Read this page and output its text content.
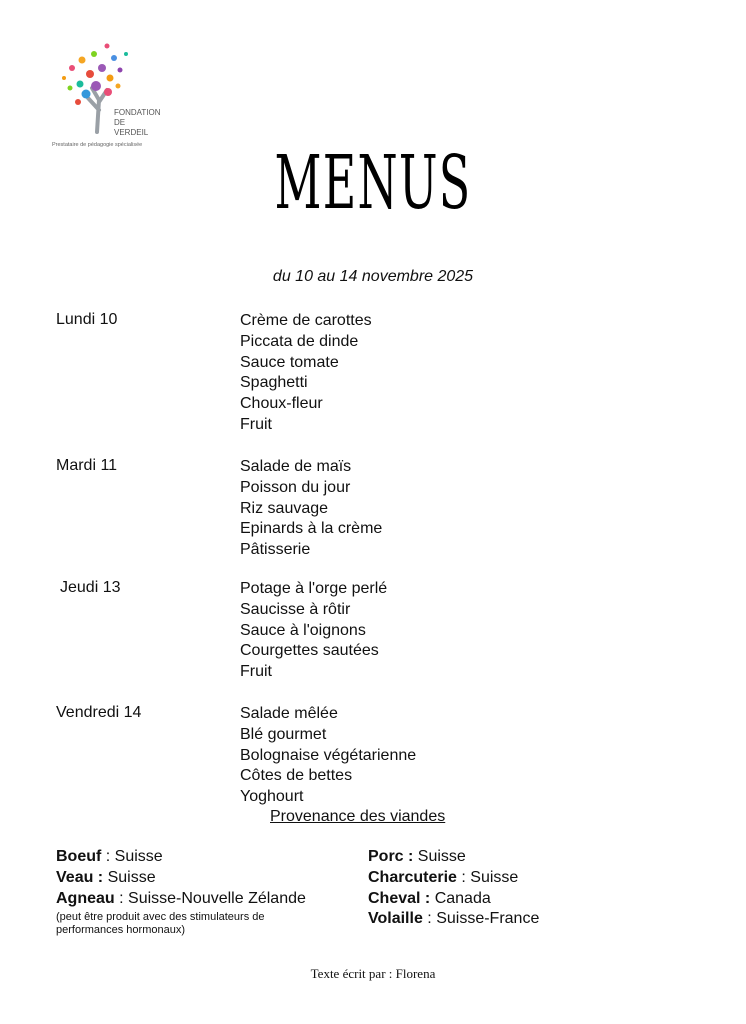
FONDATION
DE
VERDEIL
Prestataire de pédagogie spécialisée	MENUS
du 10 au 14 novembre 2025
Lundi 10	Crème de carottes
Piccata de dinde
Sauce tomate
Spaghetti
Choux-fleur
Fruit
Mardi 11	Salade de maïs
Poisson du jour
Riz sauvage
Epinards à la crème
Pâtisserie
Jeudi 13	Potage à l'orge perlé
Saucisse à rôtir
Sauce à l'oignons
Courgettes sautées
Fruit
Vendredi 14	Salade mêlée
Blé gourmet
Bolognaise végétarienne
Côtes de bettes
Yoghourt
Provenance des viandes
Boeuf : Suisse
Veau : Suisse
Agneau : Suisse-Nouvelle Zélande
(peut être produit avec des stimulateurs de performances hormonaux)
Porc : Suisse
Charcuterie : Suisse
Cheval : Canada
Volaille : Suisse-France
Texte écrit par : Florena
